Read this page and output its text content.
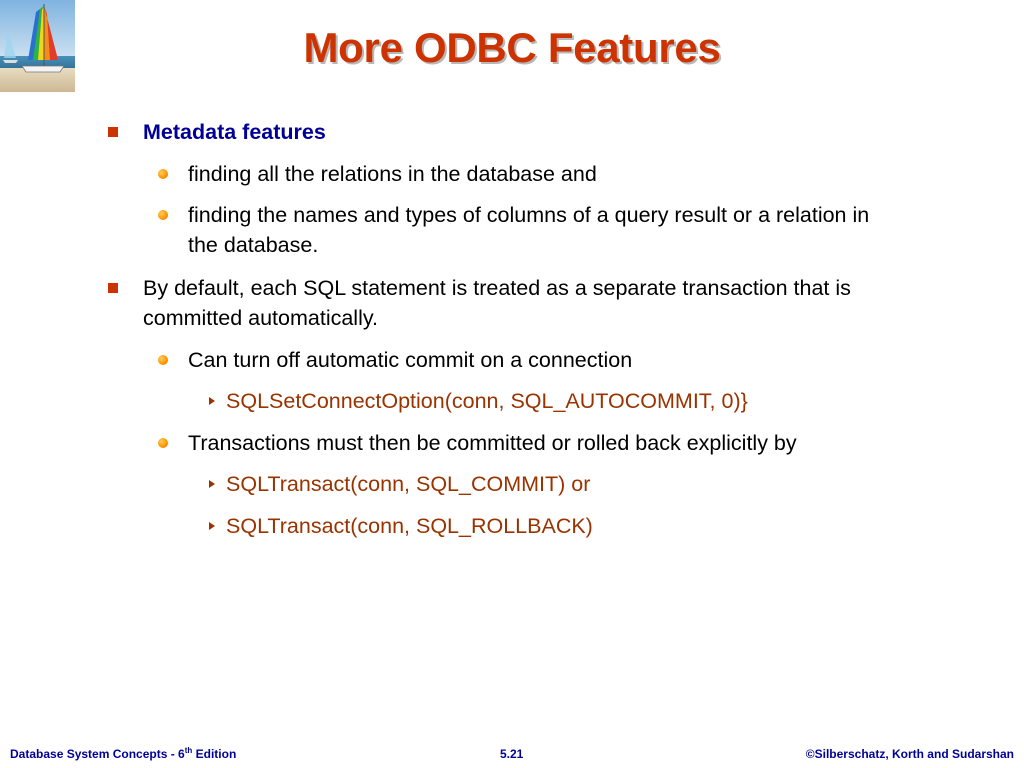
More ODBC Features
Metadata features
finding all the relations in the database and
finding the names and types of columns of a query result or a relation in
the database.
By default, each SQL statement is treated as a separate transaction that is
committed automatically.
Can turn off automatic commit on a connection
SQLSetConnectOption(conn, SQL_AUTOCOMMIT, 0)}
Transactions must then be committed or rolled back explicitly by
SQLTransact(conn, SQL_COMMIT) or
SQLTransact(conn, SQL_ROLLBACK)
Database System Concepts - 6th Edition	5.21	©Silberschatz, Korth and Sudarshan
